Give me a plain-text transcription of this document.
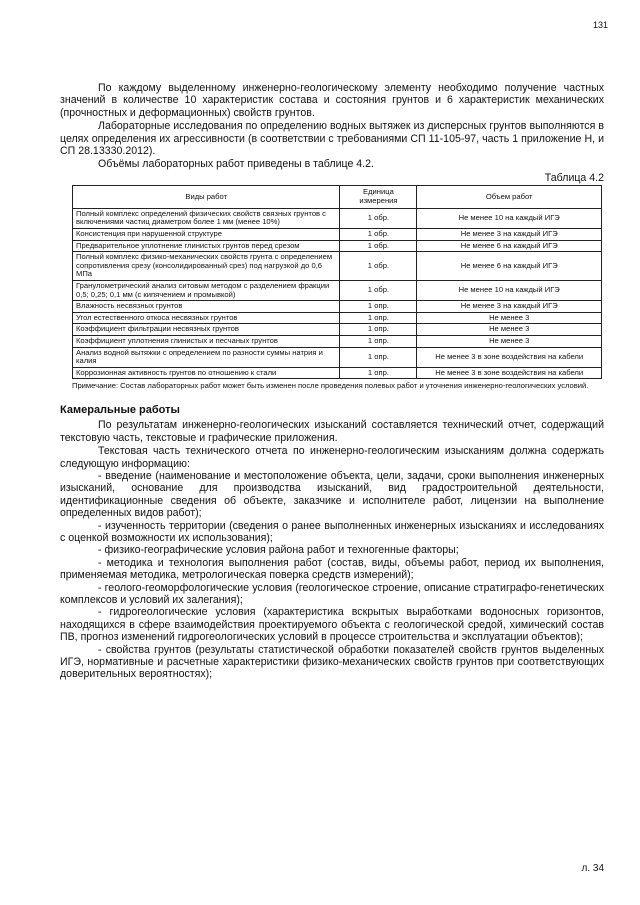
131

По каждому выделенному инженерно-геологическому элементу необходимо получение частных значений в количестве 10 характеристик состава и состояния грунтов и 6 характеристик механических (прочностных и деформационных) свойств грунтов.

Лабораторные исследования по определению водных вытяжек из дисперсных грунтов выполняются в целях определения их агрессивности (в соответствии с требованиями СП 11-105-97, часть 1 приложение Н, и СП 28.13330.2012).

Объёмы лабораторных работ приведены в таблице 4.2.

Таблица 4.2
Виды работ	Единица измерения	Объем работ
Полный комплекс определений физических свойств связных грунтов с включениями частиц диаметром более 1 мм (менее 10%)	1 обр.	Не менее 10 на каждый ИГЭ
Консистенция при нарушенной структуре	1 обр.	Не менее 3 на каждый ИГЭ
Предварительное уплотнение глинистых грунтов перед срезом	1 обр.	Не менее 6 на каждый ИГЭ
Полный комплекс физико-механических свойств грунта с определением сопротивления срезу (консолидированный срез) под нагрузкой до 0,6 МПа	1 обр.	Не менее 6 на каждый ИГЭ
Гранулометрический анализ ситовым методом с разделением фракции 0,5; 0,25; 0,1 мм (с кипячением и промывкой)	1 обр.	Не менее 10 на каждый ИГЭ
Влажность несвязных грунтов	1 опр.	Не менее 3 на каждый ИГЭ
Угол естественного откоса несвязных грунтов	1 опр.	Не менее 3
Коэффициент фильтрации несвязных грунтов	1 опр.	Не менее 3
Коэффициент уплотнения глинистых и песчаных грунтов	1 опр.	Не менее 3
Анализ водной вытяжки с определением по разности суммы натрия и калия	1 опр.	Не менее 3 в зоне воздействия на кабели
Коррозионная активность грунтов по отношению к стали	1 опр.	Не менее 3 в зоне воздействия на кабели
Примечание: Состав лабораторных работ может быть изменен после проведения полевых работ и уточнения инженерно-геологических условий.
Камеральные работы

По результатам инженерно-геологических изысканий составляется технический отчет, содержащий текстовую часть, текстовые и графические приложения.

Текстовая часть технического отчета по инженерно-геологическим изысканиям должна содержать следующую информацию:

- введение (наименование и местоположение объекта, цели, задачи, сроки выполнения инженерных изысканий, основание для производства изысканий, вид градостроительной деятельности, идентификационные сведения об объекте, заказчике и исполнителе работ, лицензии на выполнение определенных видов работ);

- изученность территории (сведения о ранее выполненных инженерных изысканиях и исследованиях с оценкой возможности их использования);

- физико-географические условия района работ и техногенные факторы;

- методика и технология выполнения работ (состав, виды, объемы работ, период их выполнения, применяемая методика, метрологическая поверка средств измерений);

- геолого-геоморфологические условия (геологическое строение, описание стратиграфо-генетических комплексов и условий их залегания);

- гидрогеологические условия (характеристика вскрытых выработками водоносных горизонтов, находящихся в сфере взаимодействия проектируемого объекта с геологической средой, химический состав ПВ, прогноз изменений гидрогеологических условий в процессе строительства и эксплуатации объектов);

- свойства грунтов (результаты статистической обработки показателей свойств грунтов выделенных ИГЭ, нормативные и расчетные характеристики физико-механических свойств грунтов при соответствующих доверительных вероятностях);

л. 34
